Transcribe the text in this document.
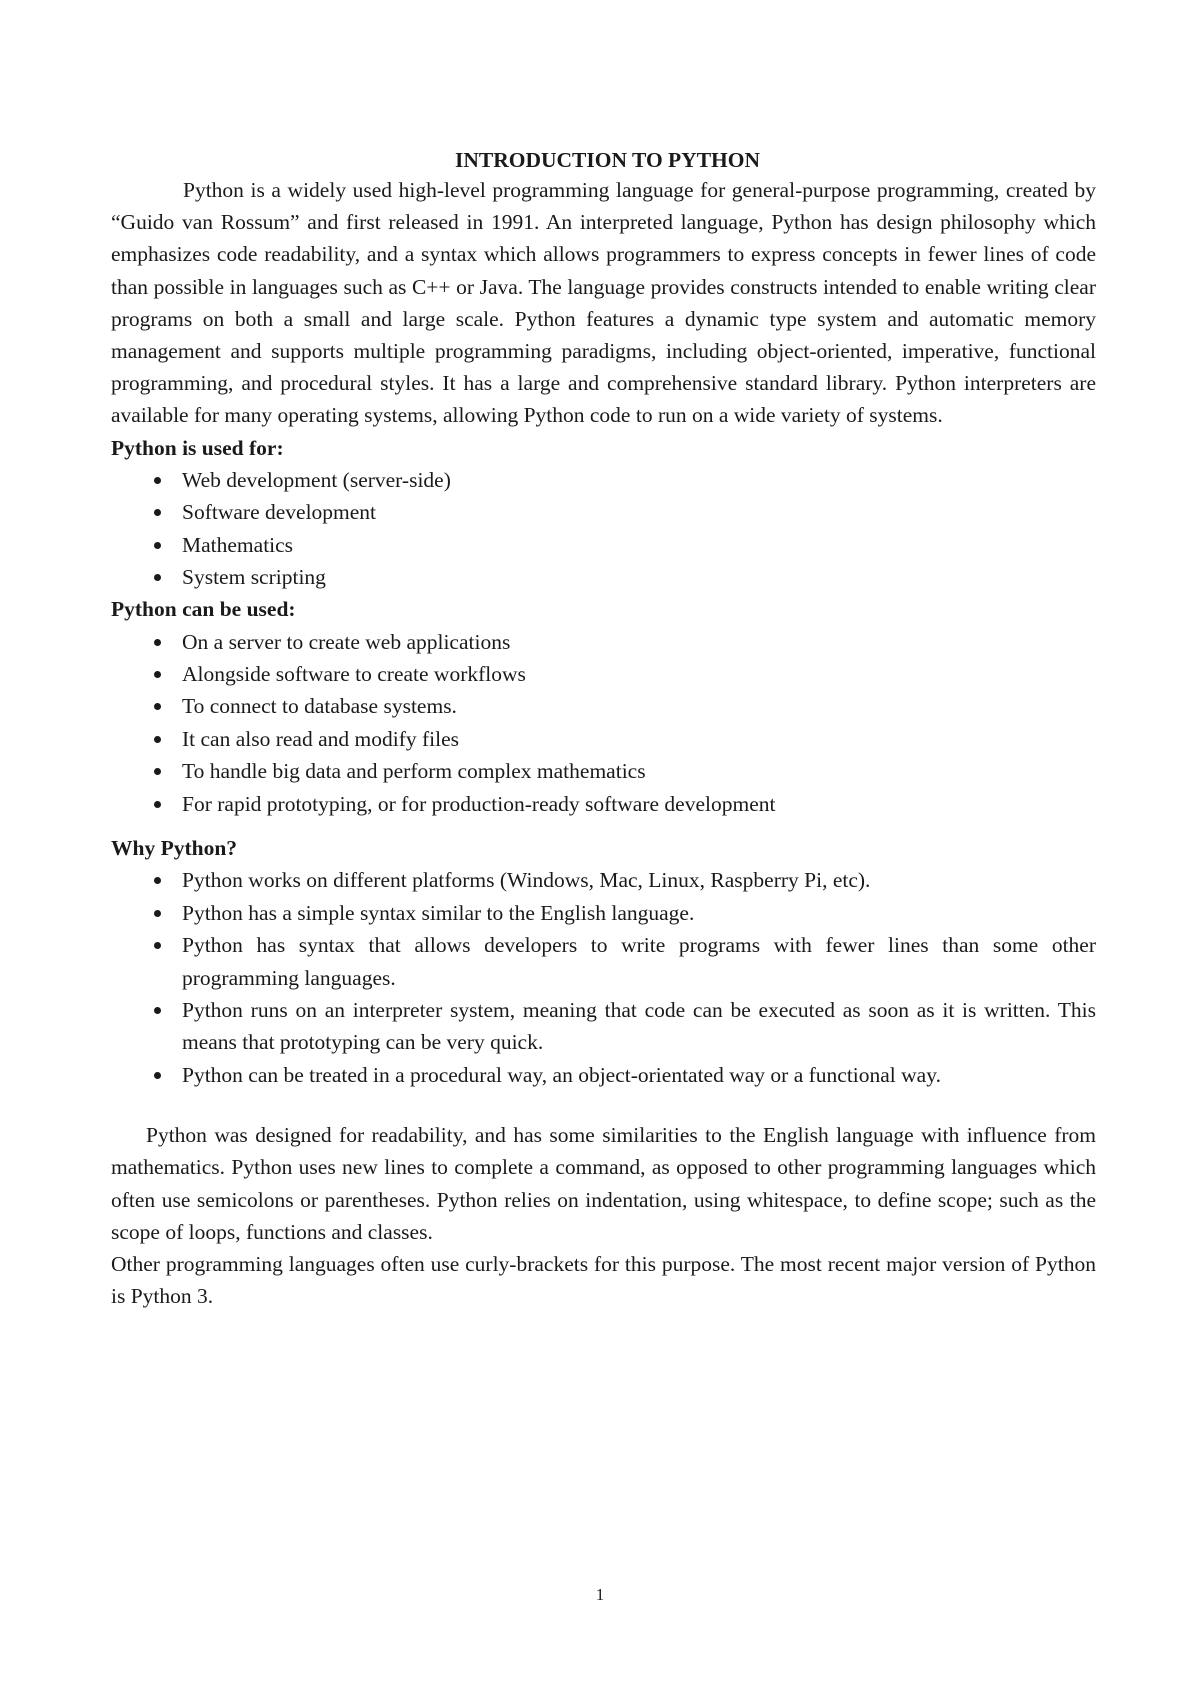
INTRODUCTION TO PYTHON

Python is a widely used high-level programming language for general-purpose programming, created by “Guido van Rossum” and first released in 1991. An interpreted language, Python has design philosophy which emphasizes code readability, and a syntax which allows programmers to express concepts in fewer lines of code than possible in languages such as C++ or Java. The language provides constructs intended to enable writing clear programs on both a small and large scale. Python features a dynamic type system and automatic memory management and supports multiple programming paradigms, including object-oriented, imperative, functional programming, and procedural styles. It has a large and comprehensive standard library. Python interpreters are available for many operating systems, allowing Python code to run on a wide variety of systems.

Python is used for:

Web development (server-side)
Software development
Mathematics
System scripting

Python can be used:

On a server to create web applications
Alongside software to create workflows
To connect to database systems.
It can also read and modify files
To handle big data and perform complex mathematics
For rapid prototyping, or for production-ready software development

Why Python?

Python works on different platforms (Windows, Mac, Linux, Raspberry Pi, etc).
Python has a simple syntax similar to the English language.
Python has syntax that allows developers to write programs with fewer lines than some other programming languages.
Python runs on an interpreter system, meaning that code can be executed as soon as it is written. This means that prototyping can be very quick.
Python can be treated in a procedural way, an object-orientated way or a functional way.

Python was designed for readability, and has some similarities to the English language with influence from mathematics. Python uses new lines to complete a command, as opposed to other programming languages which often use semicolons or parentheses. Python relies on indentation, using whitespace, to define scope; such as the scope of loops, functions and classes.

Other programming languages often use curly-brackets for this purpose. The most recent major version of Python is Python 3.

1
